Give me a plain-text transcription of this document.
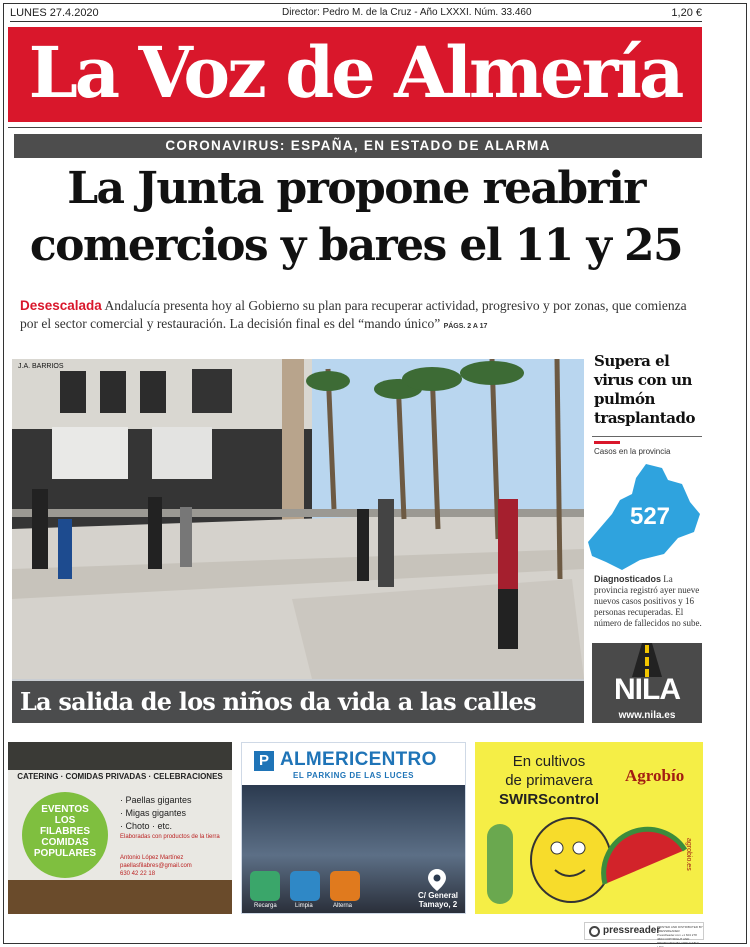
LUNES 27.4.2020	Director: Pedro M. de la Cruz - Año LXXXI. Núm. 33.460	1,20 €
La Voz de Almería
CORONAVIRUS: ESPAÑA, EN ESTADO DE ALARMA
La Junta propone reabrir
comercios y bares el 11 y 25

Desescalada Andalucía presenta hoy al Gobierno su plan para recuperar actividad, progresivo y por zonas, que comienza por el sector comercial y restauración. La decisión final es del “mando único” PÁGS. 2 A 17

J.A. BARRIOS
La salida de los niños da vida a las calles
Supera el virus con un pulmón trasplantado
Casos en la provincia
527

Diagnosticados La provincia registró ayer nueve nuevos casos positivos y 16 personas recuperadas. El número de fallecidos no sube.

NILA
www.nila.es
CATERING · COMIDAS PRIVADAS · CELEBRACIONES
EVENTOS
LOS
FILABRES
COMIDAS
POPULARES
· Paellas gigantes
· Migas gigantes
· Choto · etc.
Elaboradas con productos de la tierra
Antonio López Martínez
paellasfilabres@gmail.com
630 42 22 18
P ALMERICENTRO
EL PARKING DE LAS LUCES
Recarga	Limpia	Alterna
C/ General
Tamayo, 2
En cultivos
de primavera
SWIRScontrol
Agrobío
agrobio.es
pressreader
PRINTED AND DISTRIBUTED BY PRESSREADER PressReader.com +1 604 278 4604 COPYRIGHT AND PROTECTED BY APPLICABLE LAW
